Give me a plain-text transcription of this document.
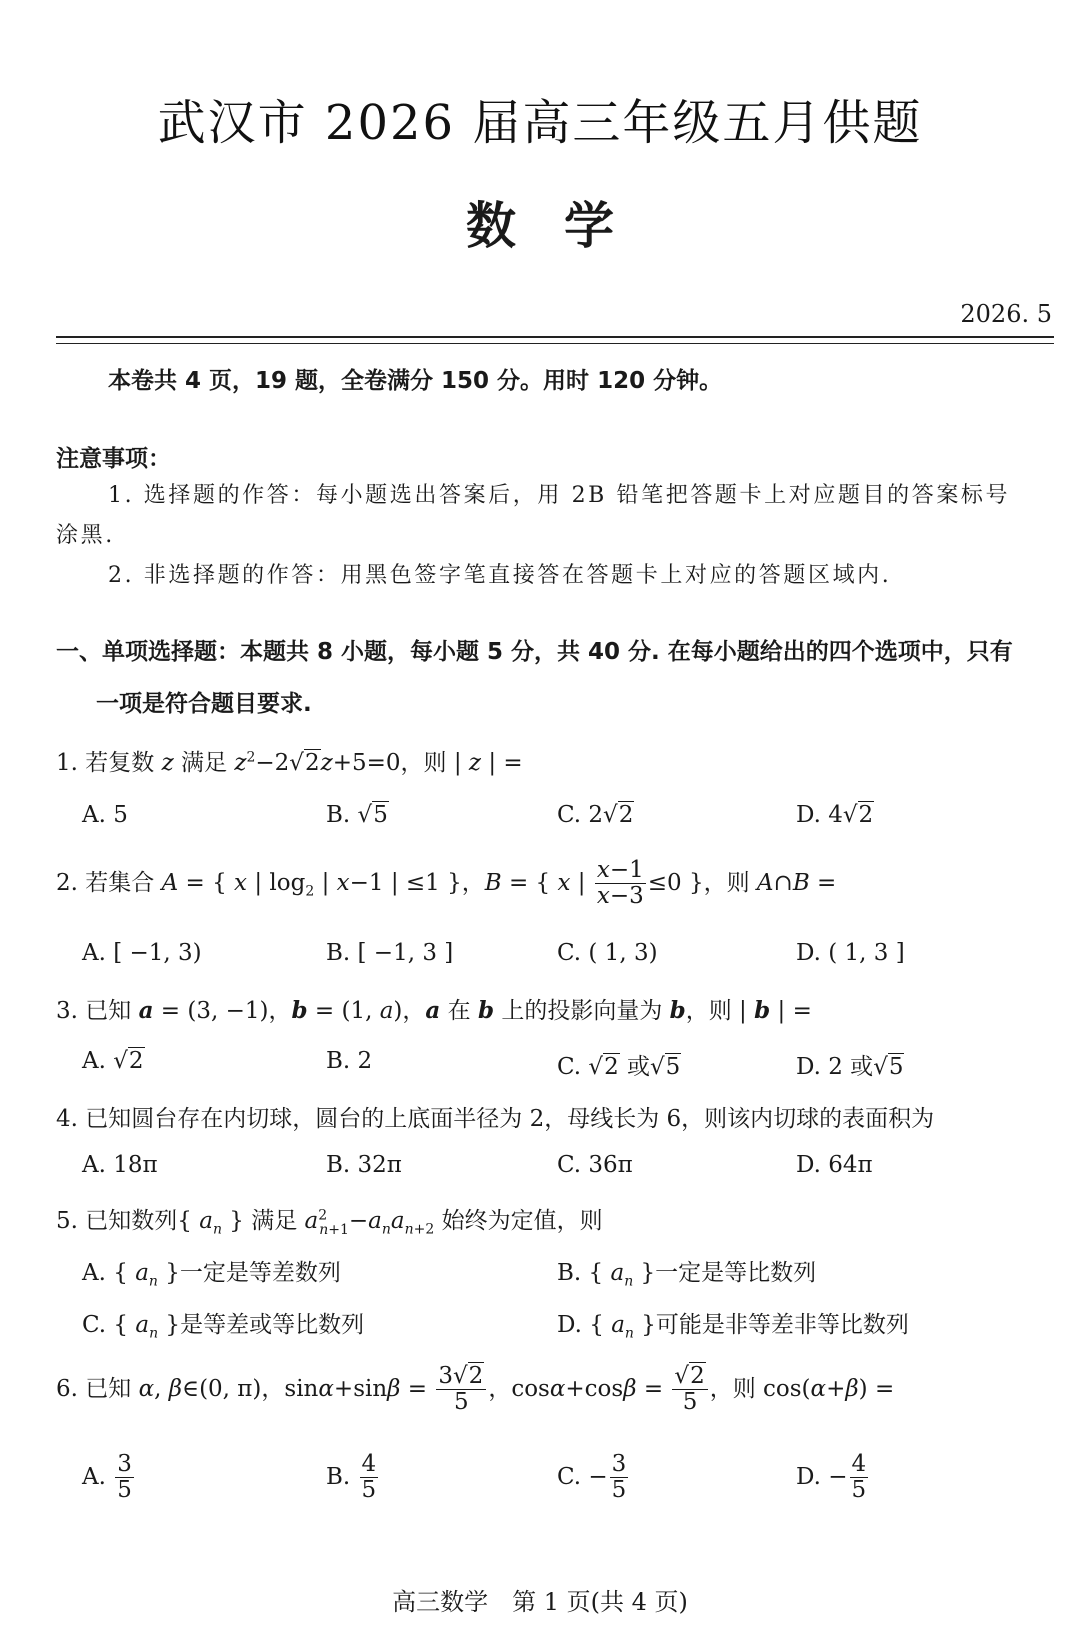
武汉市 2026 届高三年级五月供题
数学
2026. 5
本卷共 4 页，19 题，全卷满分 150 分。用时 120 分钟。
注意事项：
1. 选择题的作答：每小题选出答案后，用 2B 铅笔把答题卡上对应题目的答案标号
涂黑.
2. 非选择题的作答：用黑色签字笔直接答在答题卡上对应的答题区域内.
一、单项选择题：本题共 8 小题，每小题 5 分，共 40 分. 在每小题给出的四个选项中，只有
一项是符合题目要求.
1. 若复数 z 满足 $z^2-2√2z+5=0$，则 | z | =
A. 5	B. √5	C. 2√2	D. 4√2
2. 若集合 A = { x | $\log_2$ | x−1 | ≤1 }，B = { x | $\frac{x-1}{x-3} \le 0$ }，则 A∩B =
A. [ −1, 3)	B. [ −1, 3 ]	C. ( 1, 3)	D. ( 1, 3 ]
3. 已知 a = (3, −1)，b = (1, a)，a 在 b 上的投影向量为 b，则 | b | =
A. √2	B. 2	C. √2 或√5	D. 2 或√5
4. 已知圆台存在内切球，圆台的上底面半径为 2，母线长为 6，则该内切球的表面积为
A. 18π	B. 32π	C. 36π	D. 64π
5. 已知数列{ $a_n$ } 满足 $a^2_{n+1}-a_na_{n+2}$ 始终为定值，则
A. { $a_n$ }一定是等差数列	B. { $a_n$ }一定是等比数列
C. { $a_n$ }是等差或等比数列	D. { $a_n$ }可能是非等差非等比数列
6. 已知 α, β∈(0, π)，$\sin\alpha+\sin\beta = \frac{3√2}{5}$ ，$\cos\alpha+\cos\beta = \frac{√2}{5}$ ，则 cos(α+β) =
A. $\frac{3}{5}$	B. $\frac{4}{5}$	C. − $\frac{3}{5}$	D. − $\frac{4}{5}$
高三数学　第 1 页(共 4 页)
